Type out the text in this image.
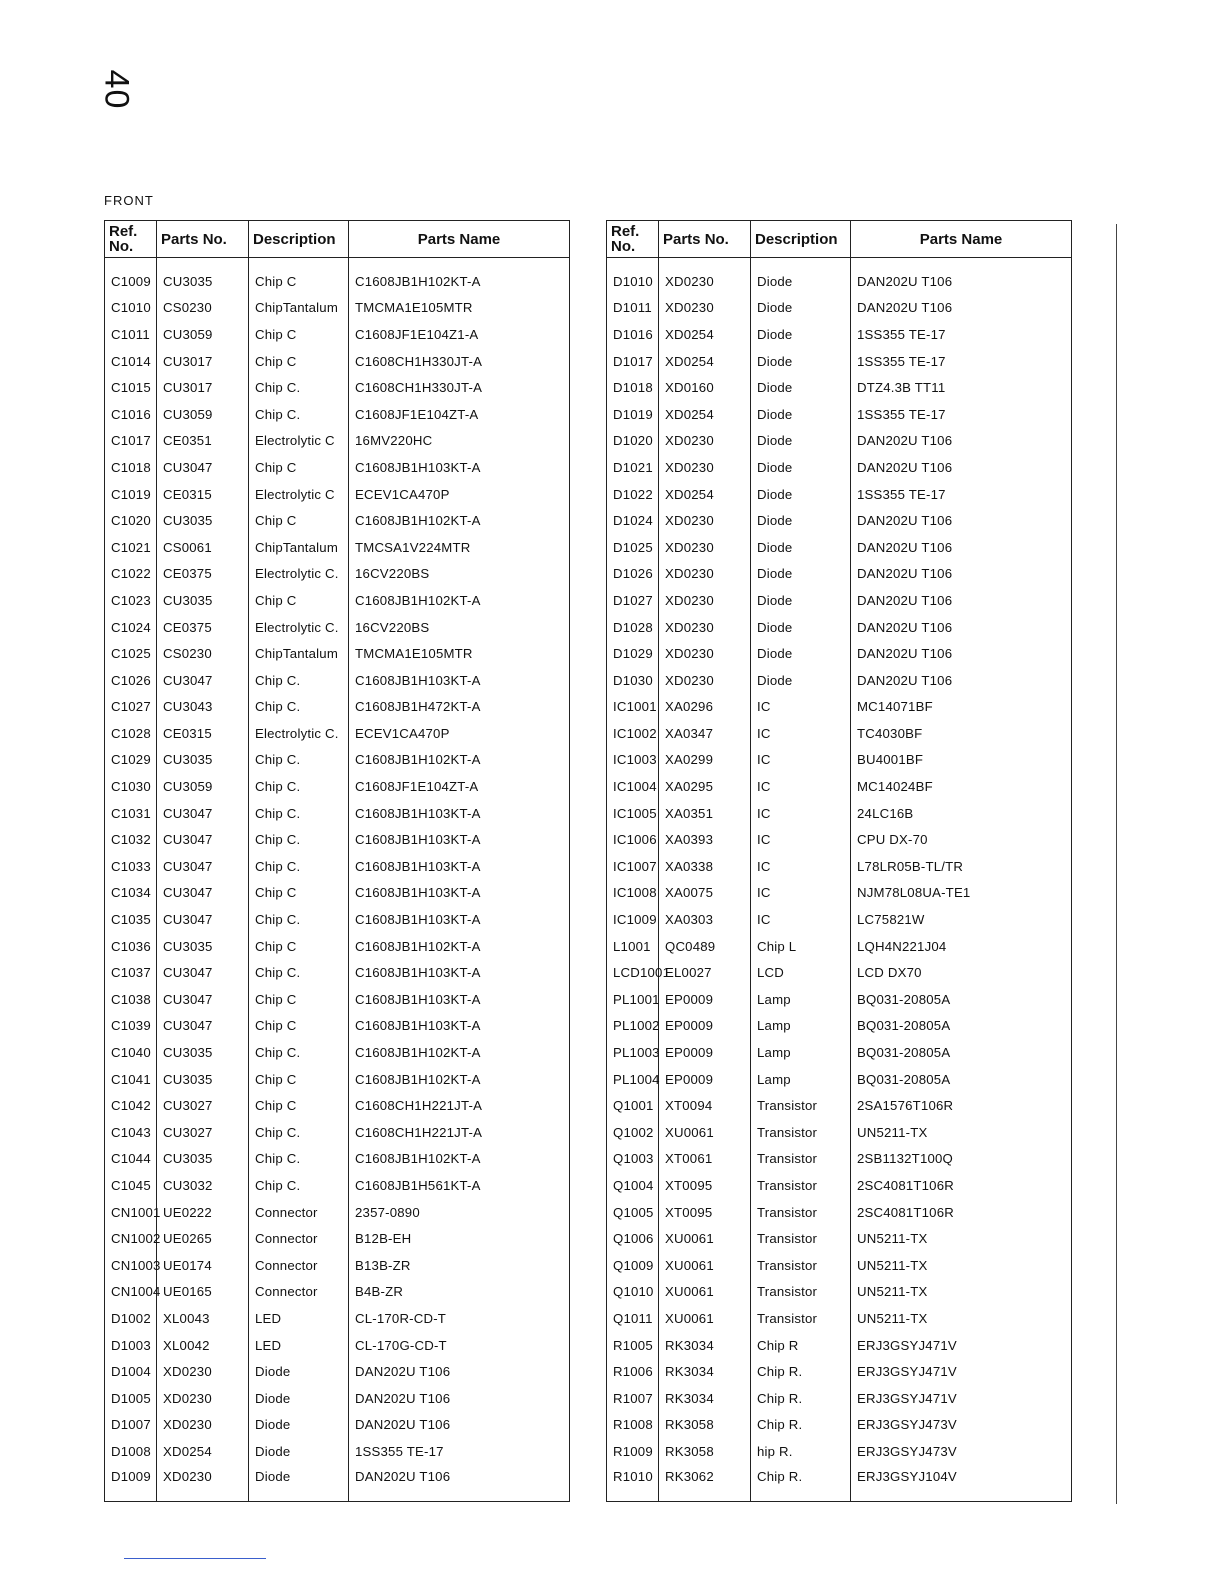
40
FRONT
Ref.
No.	Parts No.	Description	Parts Name

C1009	CU3035	Chip C	C1608JB1H102KT-A
C1010	CS0230	ChipTantalum	TMCMA1E105MTR
C1011	CU3059	Chip C	C1608JF1E104Z1-A
C1014	CU3017	Chip C	C1608CH1H330JT-A
C1015	CU3017	Chip C.	C1608CH1H330JT-A
C1016	CU3059	Chip C.	C1608JF1E104ZT-A
C1017	CE0351	Electrolytic C	16MV220HC
C1018	CU3047	Chip C	C1608JB1H103KT-A
C1019	CE0315	Electrolytic C	ECEV1CA470P
C1020	CU3035	Chip C	C1608JB1H102KT-A
C1021	CS0061	ChipTantalum	TMCSA1V224MTR
C1022	CE0375	Electrolytic C.	16CV220BS
C1023	CU3035	Chip C	C1608JB1H102KT-A
C1024	CE0375	Electrolytic C.	16CV220BS
C1025	CS0230	ChipTantalum	TMCMA1E105MTR
C1026	CU3047	Chip C.	C1608JB1H103KT-A
C1027	CU3043	Chip C.	C1608JB1H472KT-A
C1028	CE0315	Electrolytic C.	ECEV1CA470P
C1029	CU3035	Chip C.	C1608JB1H102KT-A
C1030	CU3059	Chip C.	C1608JF1E104ZT-A
C1031	CU3047	Chip C.	C1608JB1H103KT-A
C1032	CU3047	Chip C.	C1608JB1H103KT-A
C1033	CU3047	Chip C.	C1608JB1H103KT-A
C1034	CU3047	Chip C	C1608JB1H103KT-A
C1035	CU3047	Chip C.	C1608JB1H103KT-A
C1036	CU3035	Chip C	C1608JB1H102KT-A
C1037	CU3047	Chip C.	C1608JB1H103KT-A
C1038	CU3047	Chip C	C1608JB1H103KT-A
C1039	CU3047	Chip C	C1608JB1H103KT-A
C1040	CU3035	Chip C.	C1608JB1H102KT-A
C1041	CU3035	Chip C	C1608JB1H102KT-A
C1042	CU3027	Chip C	C1608CH1H221JT-A
C1043	CU3027	Chip C.	C1608CH1H221JT-A
C1044	CU3035	Chip C.	C1608JB1H102KT-A
C1045	CU3032	Chip C.	C1608JB1H561KT-A
CN1001	UE0222	Connector	2357-0890
CN1002	UE0265	Connector	B12B-EH
CN1003	UE0174	Connector	B13B-ZR
CN1004	UE0165	Connector	B4B-ZR
D1002	XL0043	LED	CL-170R-CD-T
D1003	XL0042	LED	CL-170G-CD-T
D1004	XD0230	Diode	DAN202U T106
D1005	XD0230	Diode	DAN202U T106
D1007	XD0230	Diode	DAN202U T106
D1008	XD0254	Diode	1SS355 TE-17
D1009	XD0230	Diode	DAN202U T106
Ref.
No.	Parts No.	Description	Parts Name

D1010	XD0230	Diode	DAN202U T106
D1011	XD0230	Diode	DAN202U T106
D1016	XD0254	Diode	1SS355 TE-17
D1017	XD0254	Diode	1SS355 TE-17
D1018	XD0160	Diode	DTZ4.3B TT11
D1019	XD0254	Diode	1SS355 TE-17
D1020	XD0230	Diode	DAN202U T106
D1021	XD0230	Diode	DAN202U T106
D1022	XD0254	Diode	1SS355 TE-17
D1024	XD0230	Diode	DAN202U T106
D1025	XD0230	Diode	DAN202U T106
D1026	XD0230	Diode	DAN202U T106
D1027	XD0230	Diode	DAN202U T106
D1028	XD0230	Diode	DAN202U T106
D1029	XD0230	Diode	DAN202U T106
D1030	XD0230	Diode	DAN202U T106
IC1001	XA0296	IC	MC14071BF
IC1002	XA0347	IC	TC4030BF
IC1003	XA0299	IC	BU4001BF
IC1004	XA0295	IC	MC14024BF
IC1005	XA0351	IC	24LC16B
IC1006	XA0393	IC	CPU DX-70
IC1007	XA0338	IC	L78LR05B-TL/TR
IC1008	XA0075	IC	NJM78L08UA-TE1
IC1009	XA0303	IC	LC75821W
L1001	QC0489	Chip L	LQH4N221J04
LCD1001	EL0027	LCD	LCD DX70
PL1001	EP0009	Lamp	BQ031-20805A
PL1002	EP0009	Lamp	BQ031-20805A
PL1003	EP0009	Lamp	BQ031-20805A
PL1004	EP0009	Lamp	BQ031-20805A
Q1001	XT0094	Transistor	2SA1576T106R
Q1002	XU0061	Transistor	UN5211-TX
Q1003	XT0061	Transistor	2SB1132T100Q
Q1004	XT0095	Transistor	2SC4081T106R
Q1005	XT0095	Transistor	2SC4081T106R
Q1006	XU0061	Transistor	UN5211-TX
Q1009	XU0061	Transistor	UN5211-TX
Q1010	XU0061	Transistor	UN5211-TX
Q1011	XU0061	Transistor	UN5211-TX
R1005	RK3034	Chip R	ERJ3GSYJ471V
R1006	RK3034	Chip R.	ERJ3GSYJ471V
R1007	RK3034	Chip R.	ERJ3GSYJ471V
R1008	RK3058	Chip R.	ERJ3GSYJ473V
R1009	RK3058	hip R.	ERJ3GSYJ473V
R1010	RK3062	Chip R.	ERJ3GSYJ104V
